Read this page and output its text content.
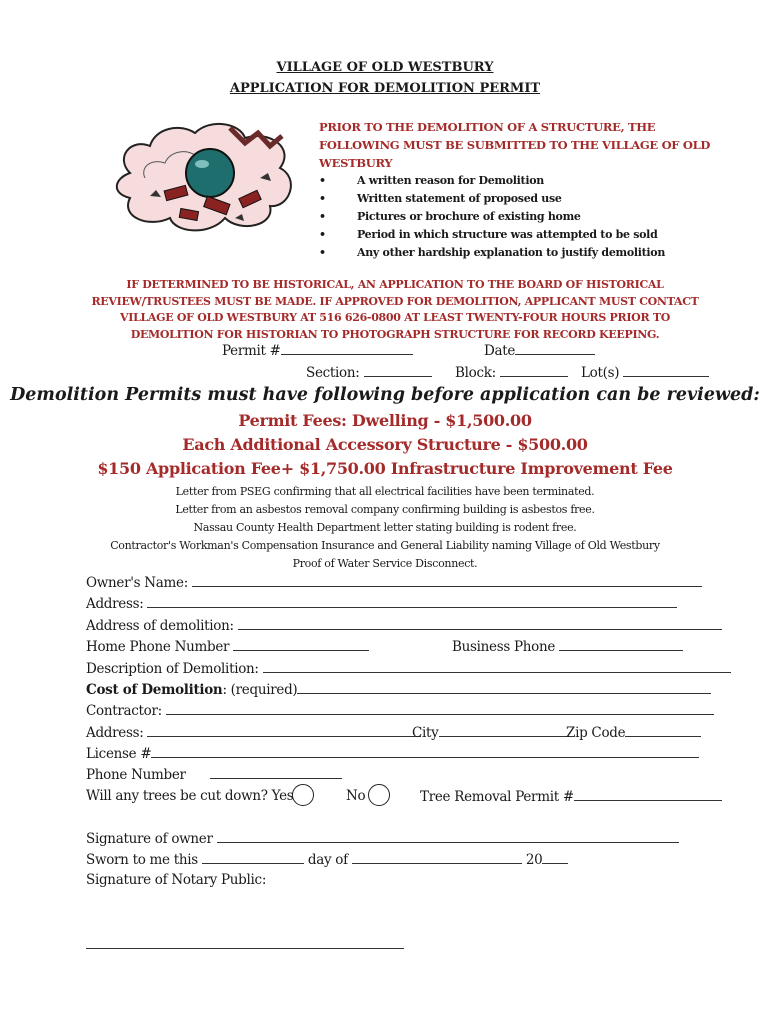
VILLAGE OF OLD WESTBURY
APPLICATION FOR DEMOLITION PERMIT
PRIOR TO THE DEMOLITION OF A STRUCTURE, THE FOLLOWING MUST BE SUBMITTED TO THE VILLAGE OF OLD WESTBURY
•	A written reason for Demolition
•	Written statement of proposed use
•	Pictures or brochure of existing home
•	Period in which structure was attempted to be sold
•	Any other hardship explanation to justify demolition
IF DETERMINED TO BE HISTORICAL, AN APPLICATION TO THE BOARD OF HISTORICAL REVIEW/TRUSTEES MUST BE MADE. IF APPROVED FOR DEMOLITION, APPLICANT MUST CONTACT VILLAGE OF OLD WESTBURY AT 516 626-0800 AT LEAST TWENTY-FOUR HOURS PRIOR TO DEMOLITION FOR HISTORIAN TO PHOTOGRAPH STRUCTURE FOR RECORD KEEPING.
Permit #	Date
Section:	Block:	Lot(s)
Demolition Permits must have following before application can be reviewed:
Permit Fees: Dwelling - $1,500.00
Each Additional Accessory Structure - $500.00
$150 Application Fee+ $1,750.00 Infrastructure Improvement Fee
Letter from PSEG confirming that all electrical facilities have been terminated.
Letter from an asbestos removal company confirming building is asbestos free.
Nassau County Health Department letter stating building is rodent free.
Contractor's Workman's Compensation Insurance and General Liability naming Village of Old Westbury
Proof of Water Service Disconnect.
Owner's Name:
Address:
Address of demolition:
Home Phone Number	Business Phone
Description of Demolition:
Cost of Demolition: (required)
Contractor:
Address:	City	Zip Code
License #
Phone Number
Will any trees be cut down? Yes	No	Tree Removal Permit #
Signature of owner
Sworn to me this	day of	20
Signature of Notary Public:
